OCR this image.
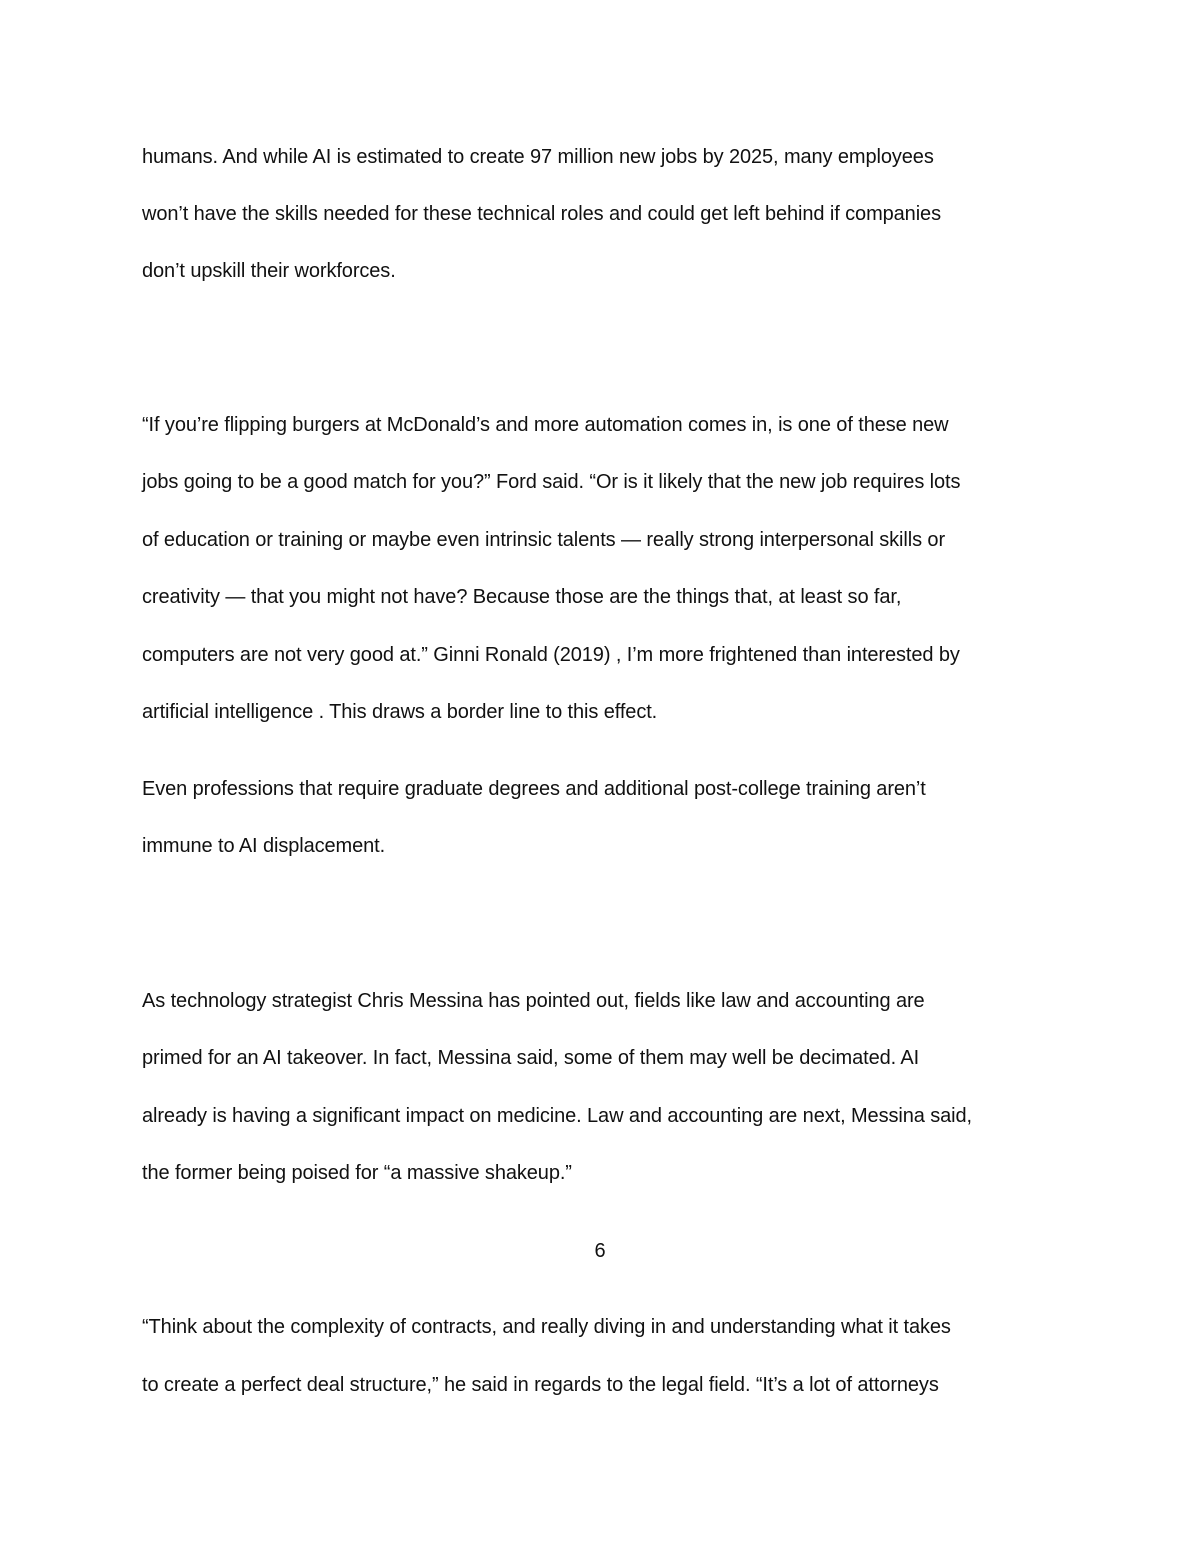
humans. And while AI is estimated to create 97 million new jobs by 2025, many employees
won’t have the skills needed for these technical roles and could get left behind if companies
don’t upskill their workforces.
“If you’re flipping burgers at McDonald’s and more automation comes in, is one of these new
jobs going to be a good match for you?” Ford said. “Or is it likely that the new job requires lots
of education or training or maybe even intrinsic talents — really strong interpersonal skills or
creativity — that you might not have? Because those are the things that, at least so far,
computers are not very good at.” Ginni Ronald (2019) , I’m more frightened than interested by
artificial intelligence . This draws a border line to this effect.
Even professions that require graduate degrees and additional post-college training aren’t
immune to AI displacement.
As technology strategist Chris Messina has pointed out, fields like law and accounting are
primed for an AI takeover. In fact, Messina said, some of them may well be decimated. AI
already is having a significant impact on medicine. Law and accounting are next, Messina said,
the former being poised for “a massive shakeup.”
6
“Think about the complexity of contracts, and really diving in and understanding what it takes
to create a perfect deal structure,” he said in regards to the legal field. “It’s a lot of attorneys
